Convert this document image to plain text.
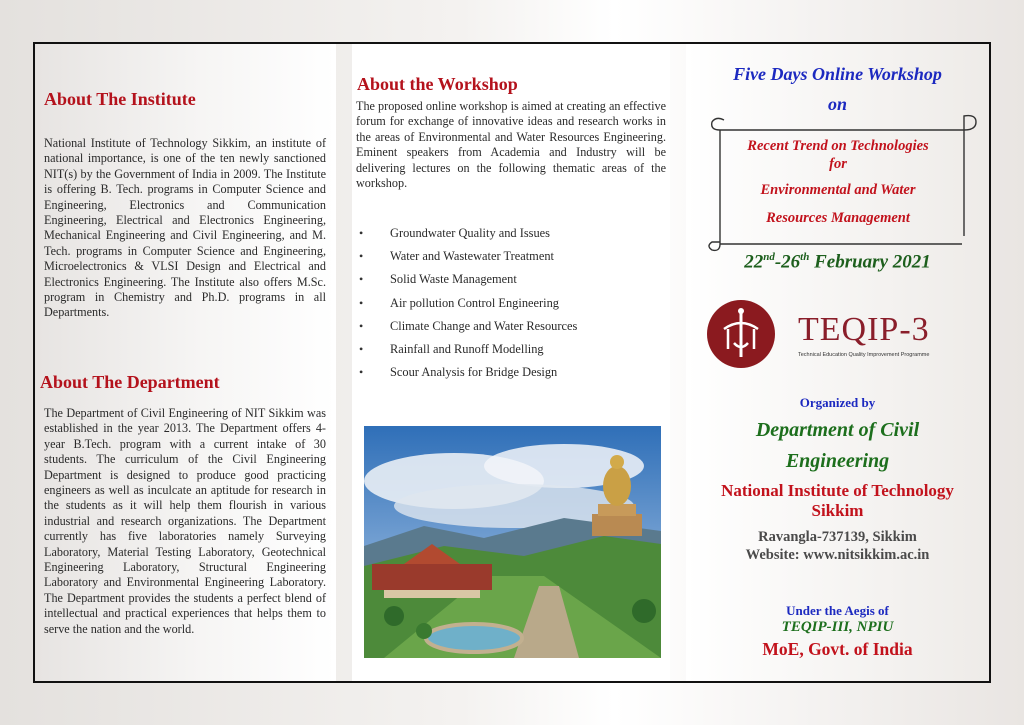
About The Institute

National Institute of Technology Sikkim, an institute of national importance, is one of the ten newly sanctioned NIT(s) by the Government of India in 2009. The Institute is offering B. Tech. programs in Computer Science and Engineering, Electronics and Communication Engineering, Electrical and Electronics Engineering, Mechanical Engineering and Civil Engineering, and M. Tech. programs in Computer Science and Engineering, Microelectronics & VLSI Design and Electrical and Electronics Engineering. The Institute also offers M.Sc. program in Chemistry and Ph.D. programs in all Departments.

About The Department

The Department of Civil Engineering of NIT Sikkim was established in the year 2013. The Department offers 4-year B.Tech. program with a current intake of 30 students. The curriculum of the Civil Engineering Department is designed to produce good practicing engineers as well as inculcate an aptitude for research in the students as it will help them flourish in various industrial and research organizations. The Department currently has five laboratories namely Surveying Laboratory, Material Testing Laboratory, Geotechnical Engineering Laboratory, Structural Engineering Laboratory and Environmental Engineering Laboratory. The Department provides the students a perfect blend of intellectual and practical experiences that helps them to serve the nation and the world.

About the Workshop

The proposed online workshop is aimed at creating an effective forum for exchange of innovative ideas and research works in the areas of Environmental and Water Resources Engineering. Eminent speakers from Academia and Industry will be delivering lectures on the following thematic areas of the workshop.

• Groundwater Quality and Issues
• Water and Wastewater Treatment
• Solid Waste Management
• Air pollution Control Engineering
• Climate Change and Water Resources
• Rainfall and Runoff Modelling
• Scour Analysis for Bridge Design

Five Days Online Workshop

on

Recent Trend on Technologies

for

Environmental and Water

Resources Management

22nd-26th February 2021

TEQIP-3
Technical Education Quality Improvement Programme

Organized by

Department of Civil
Engineering

National Institute of Technology
Sikkim

Ravangla-737139, Sikkim
Website: www.nitsikkim.ac.in

Under the Aegis of

TEQIP-III, NPIU

MoE, Govt. of India
